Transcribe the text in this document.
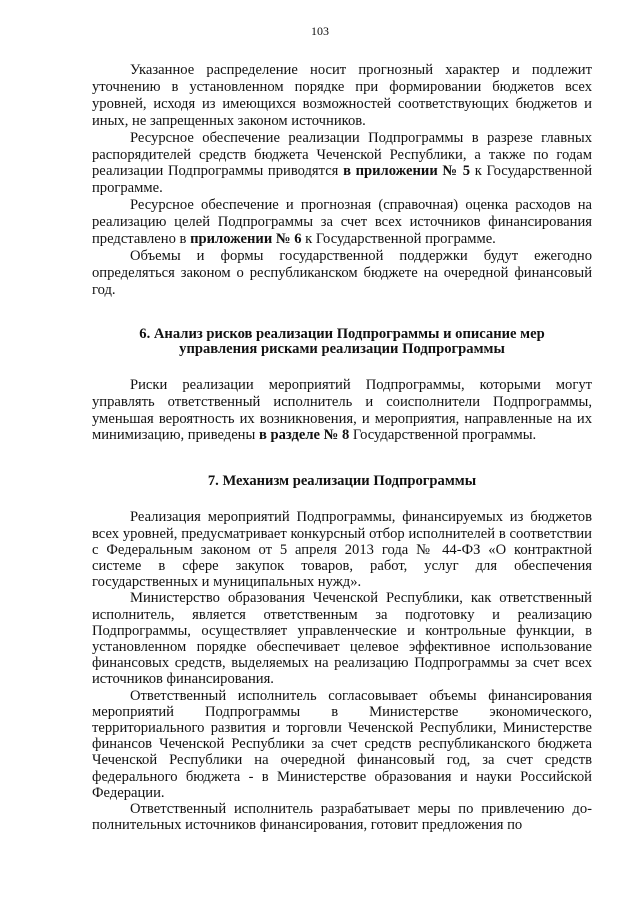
103

Указанное распределение носит прогнозный характер и подлежит уточнению в установленном порядке при формировании бюджетов всех уровней, исходя из имеющихся возможностей соответствующих бюджетов и иных, не запрещенных законом источников.

Ресурсное обеспечение реализации Подпрограммы в разрезе главных распорядителей средств бюджета Чеченской Республики, а также по годам реализации Подпрограммы приводятся в приложении № 5 к Государственной программе.

Ресурсное обеспечение и прогнозная (справочная) оценка расходов на реализацию целей Подпрограммы за счет всех источников финансирования представлено в приложении № 6 к Государственной программе.

Объемы и формы государственной поддержки будут ежегодно определяться законом о республиканском бюджете на очередной финансовый год.

6. Анализ рисков реализации Подпрограммы и описание мер
управления рисками реализации Подпрограммы

Риски реализации мероприятий Подпрограммы, которыми могут управлять ответственный исполнитель и соисполнители Подпрограммы, уменьшая вероятность их возникновения, и мероприятия, направленные на их минимизацию, приведены в разделе № 8 Государственной программы.

7. Механизм реализации Подпрограммы

Реализация мероприятий Подпрограммы, финансируемых из бюджетов всех уровней, предусматривает конкурсный отбор исполнителей в соответствии с Федеральным законом от 5 апреля 2013 года № 44-ФЗ «О контрактной системе в сфере закупок товаров, работ, услуг для обеспечения государственных и муниципальных нужд».

Министерство образования Чеченской Республики, как ответственный исполнитель, является ответственным за подготовку и реализацию Подпрограммы, осуществляет управленческие и контрольные функции, в установленном порядке обеспечивает целевое эффективное использование финансовых средств, выделяемых на реализацию Подпрограммы за счет всех источников финансирования.

Ответственный исполнитель согласовывает объемы финансирования мероприятий Подпрограммы в Министерстве экономического, территориального развития и торговли Чеченской Республики, Министерстве финансов Чеченской Республики за счет средств республиканского бюджета Чеченской Республики на очередной финансовый год, за счет средств федерального бюджета - в Министерстве образования и науки Российской Федерации.

Ответственный исполнитель разрабатывает меры по привлечению до-полнительных источников финансирования, готовит предложения по
